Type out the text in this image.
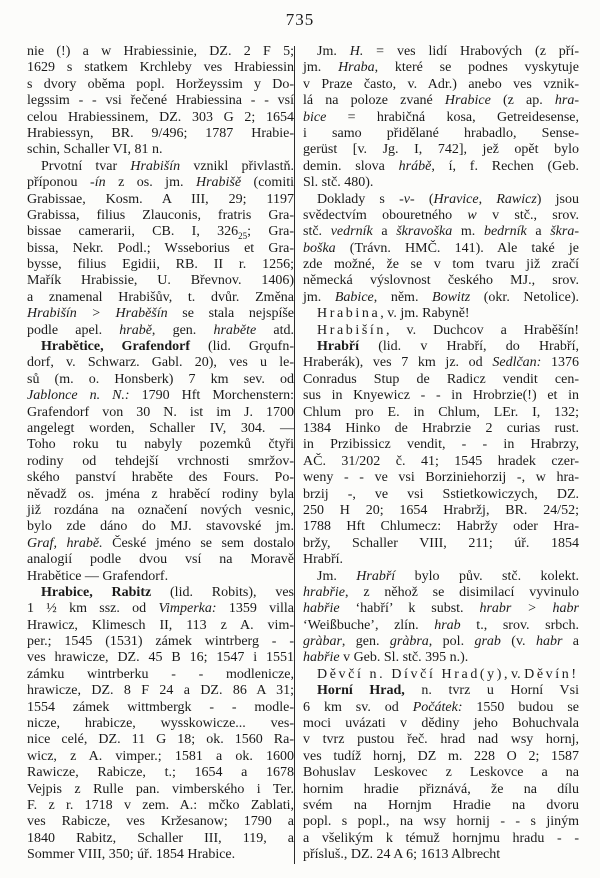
735
nie (!) a w Hrabiessinie, DZ. 2 F 5;
1629 s statkem Krchleby ves Hrabiessin
s dvory oběma popl. Horžeyssim y Do-
legssim - - vsi řečené Hrabiessina - - vsí
celou Hrabiessinem, DZ. 303 G 2; 1654
Hrabiessyn, BR. 9/496; 1787 Hrabie-
schin, Schaller VI, 81 n.
Prvotní tvar Hrabišín vznikl přivlastň.
příponou -ín z os. jm. Hrabišě (comiti
Grabissae, Kosm. A III, 29; 1197
Grabissa, filius Zlauconis, fratris Gra-
bissae camerarii, CB. I, $326_{25}$; Gra-
bissa, Nekr. Podl.; Wsseborius et Gra-
bysse, filius Egidii, RB. II r. 1256;
Mařík Hrabissie, U. Břevnov. 1406)
a znamenal Hrabišův, t. dvůr. Změna
Hrabišín > Hraběšín se stala nejspíše
podle apel. hrabě, gen. hraběte atd.
Hrabětice, Grafendorf (lid. Grǫufn-
dorf, v. Schwarz. Gabl. 20), ves u le-
sů (m. o. Honsberk) 7 km sev. od
Jablonce n. N.: 1790 Hft Morchenstern:
Grafendorf von 30 N. ist im J. 1700
angelegt worden, Schaller IV, 304. —
Toho roku tu nabyly pozemků čtyři
rodiny od tehdejší vrchnosti smržov-
ského panství hraběte des Fours. Po-
něvadž os. jména z hraběcí rodiny byla
již rozdána na označení nových vesnic,
bylo zde dáno do MJ. stavovské jm.
Graf, hrabě. České jméno se sem dostalo
analogií podle dvou vsí na Moravě
Hrabětice — Grafendorf.
Hrabice, Rabitz (lid. Robits), ves
1 ½ km ssz. od Vimperka: 1359 villa
Hrawicz, Klimesch II, 113 z A. vim-
per.; 1545 (1531) zámek wintrberg - -
ves hrawicze, DZ. 45 B 16; 1547 i 1551
zámku wintrberku - - modlenicze,
hrawicze, DZ. 8 F 24 a DZ. 86 A 31;
1554 zámek wittmbergk - - modle-
nicze, hrabicze, wysskowicze... ves-
nice celé, DZ. 11 G 18; ok. 1560 Ra-
wicz, z A. vimper.; 1581 a ok. 1600
Rawicze, Rabicze, t.; 1654 a 1678
Vejpis z Rulle pan. vimberského i Ter.
F. z r. 1718 v zem. A.: mčko Zablati,
ves Rabicze, ves Kržesanow; 1790 a
1840 Rabitz, Schaller III, 119, a
Sommer VIII, 350; úř. 1854 Hrabice.
Jm. H. = ves lidí Hrabových (z pří-
jm. Hraba, které se podnes vyskytuje
v Praze často, v. Adr.) anebo ves vznik-
lá na poloze zvané Hrabice (z ap. hra-
bice = hrabičná kosa, Getreidesense,
i samo přidělané hrabadlo, Sense-
gerüst [v. Jg. I, 742], jež opět bylo
demin. slova hrábě, í, f. Rechen (Geb.
Sl. stč. 480).
Doklady s -v- (Hravice, Rawicz) jsou
svědectvím obouretného w v stč., srov.
stč. vedrník a škravoška m. bedrník a škra-
boška (Trávn. HMČ. 141). Ale také je
zde možné, že se v tom tvaru již zračí
německá výslovnost českého MJ., srov.
jm. Babice, něm. Bowitz (okr. Netolice).
Hrabina, v. jm. Rabyně!
Hrabišín, v. Duchcov a Hraběšín!
Hrabří (lid. v Hrabří, do Hrabří,
Hraberák), ves 7 km jz. od Sedlčan: 1376
Conradus Stup de Radicz vendit cen-
sus in Knyewicz - - in Hrobrzie(!) et in
Chlum pro E. in Chlum, LEr. I, 132;
1384 Hinko de Hrabrzie 2 curias rust.
in Przibissicz vendit, - - in Hrabrzy,
AČ. 31/202 č. 41; 1545 hradek czer-
weny - - ve vsi Borziniehorzij -, w hra-
brzij -, ve vsi Sstietkowiczych, DZ.
250 H 20; 1654 Hrabržj, BR. 24/52;
1788 Hft Chlumecz: Habržy oder Hra-
bržy, Schaller VIII, 211; úř. 1854
Hrabří.
Jm. Hrabří bylo pův. stč. kolekt.
hrabřie, z něhož se disimilací vyvinulo
habřie ‘habří’ k subst. hrabr > habr
‘Weißbuche’, zlín. hrab t., srov. srbch.
gràbar, gen. gràbra, pol. grab (v. habr a
habřie v Geb. Sl. stč. 395 n.).
Děvčí n. Dívčí Hrad(y), v. Děvín!
Horní Hrad, n. tvrz u Horní Vsi
6 km sv. od Počátek: 1550 budou se
moci uvázati v dědiny jeho Bohuchvala
v tvrz pustou řeč. hrad nad wsy hornj,
ves tudíž hornj, DZ m. 228 O 2; 1587
Bohuslav Leskovec z Leskovce a na
hornim hradie přiznává, že na dílu
svém na Hornjm Hradie na dvoru
popl. s popl., na wsy hornij - - s jiným
a všelikým k témuž hornjmu hradu - -
přísluš., DZ. 24 A 6; 1613 Albrecht
